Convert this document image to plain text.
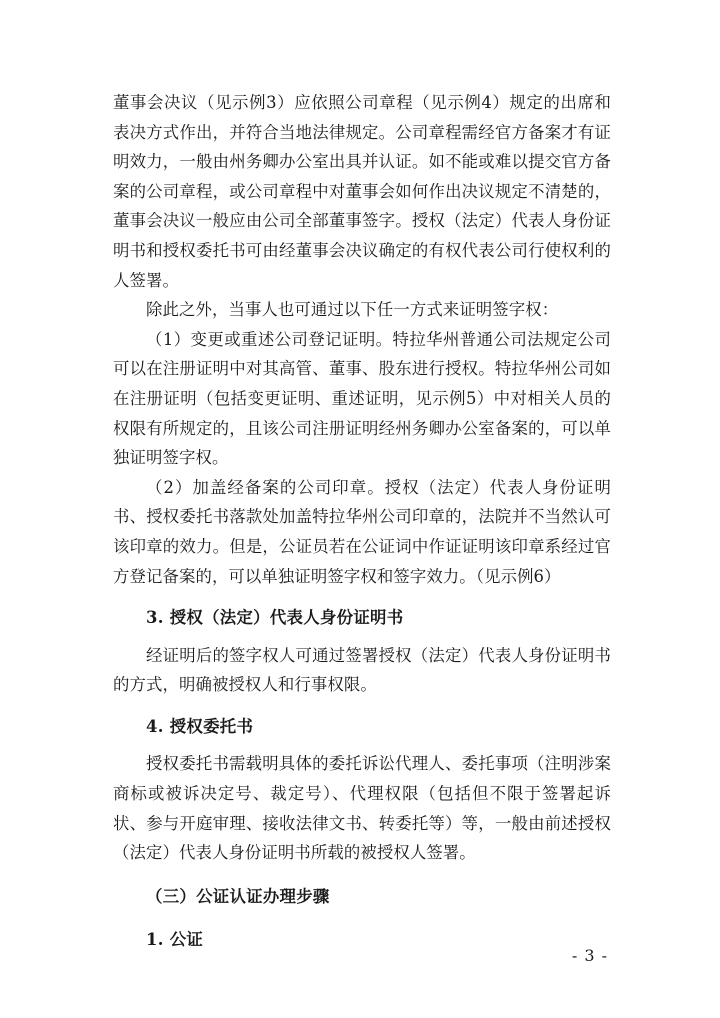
董事会决议（见示例3）应依照公司章程（见示例4）规定的出席和表决方式作出，并符合当地法律规定。公司章程需经官方备案才有证明效力，一般由州务卿办公室出具并认证。如不能或难以提交官方备案的公司章程，或公司章程中对董事会如何作出决议规定不清楚的，董事会决议一般应由公司全部董事签字。授权（法定）代表人身份证明书和授权委托书可由经董事会决议确定的有权代表公司行使权利的人签署。

除此之外，当事人也可通过以下任一方式来证明签字权：

（1）变更或重述公司登记证明。特拉华州普通公司法规定公司可以在注册证明中对其高管、董事、股东进行授权。特拉华州公司如在注册证明（包括变更证明、重述证明，见示例5）中对相关人员的权限有所规定的，且该公司注册证明经州务卿办公室备案的，可以单独证明签字权。

（2）加盖经备案的公司印章。授权（法定）代表人身份证明书、授权委托书落款处加盖特拉华州公司印章的，法院并不当然认可该印章的效力。但是，公证员若在公证词中作证证明该印章系经过官方登记备案的，可以单独证明签字权和签字效力。（见示例6）

3. 授权（法定）代表人身份证明书

经证明后的签字权人可通过签署授权（法定）代表人身份证明书的方式，明确被授权人和行事权限。

4. 授权委托书

授权委托书需载明具体的委托诉讼代理人、委托事项（注明涉案商标或被诉决定号、裁定号）、代理权限（包括但不限于签署起诉状、参与开庭审理、接收法律文书、转委托等）等，一般由前述授权（法定）代表人身份证明书所载的被授权人签署。

（三）公证认证办理步骤

1. 公证

- 3 -
